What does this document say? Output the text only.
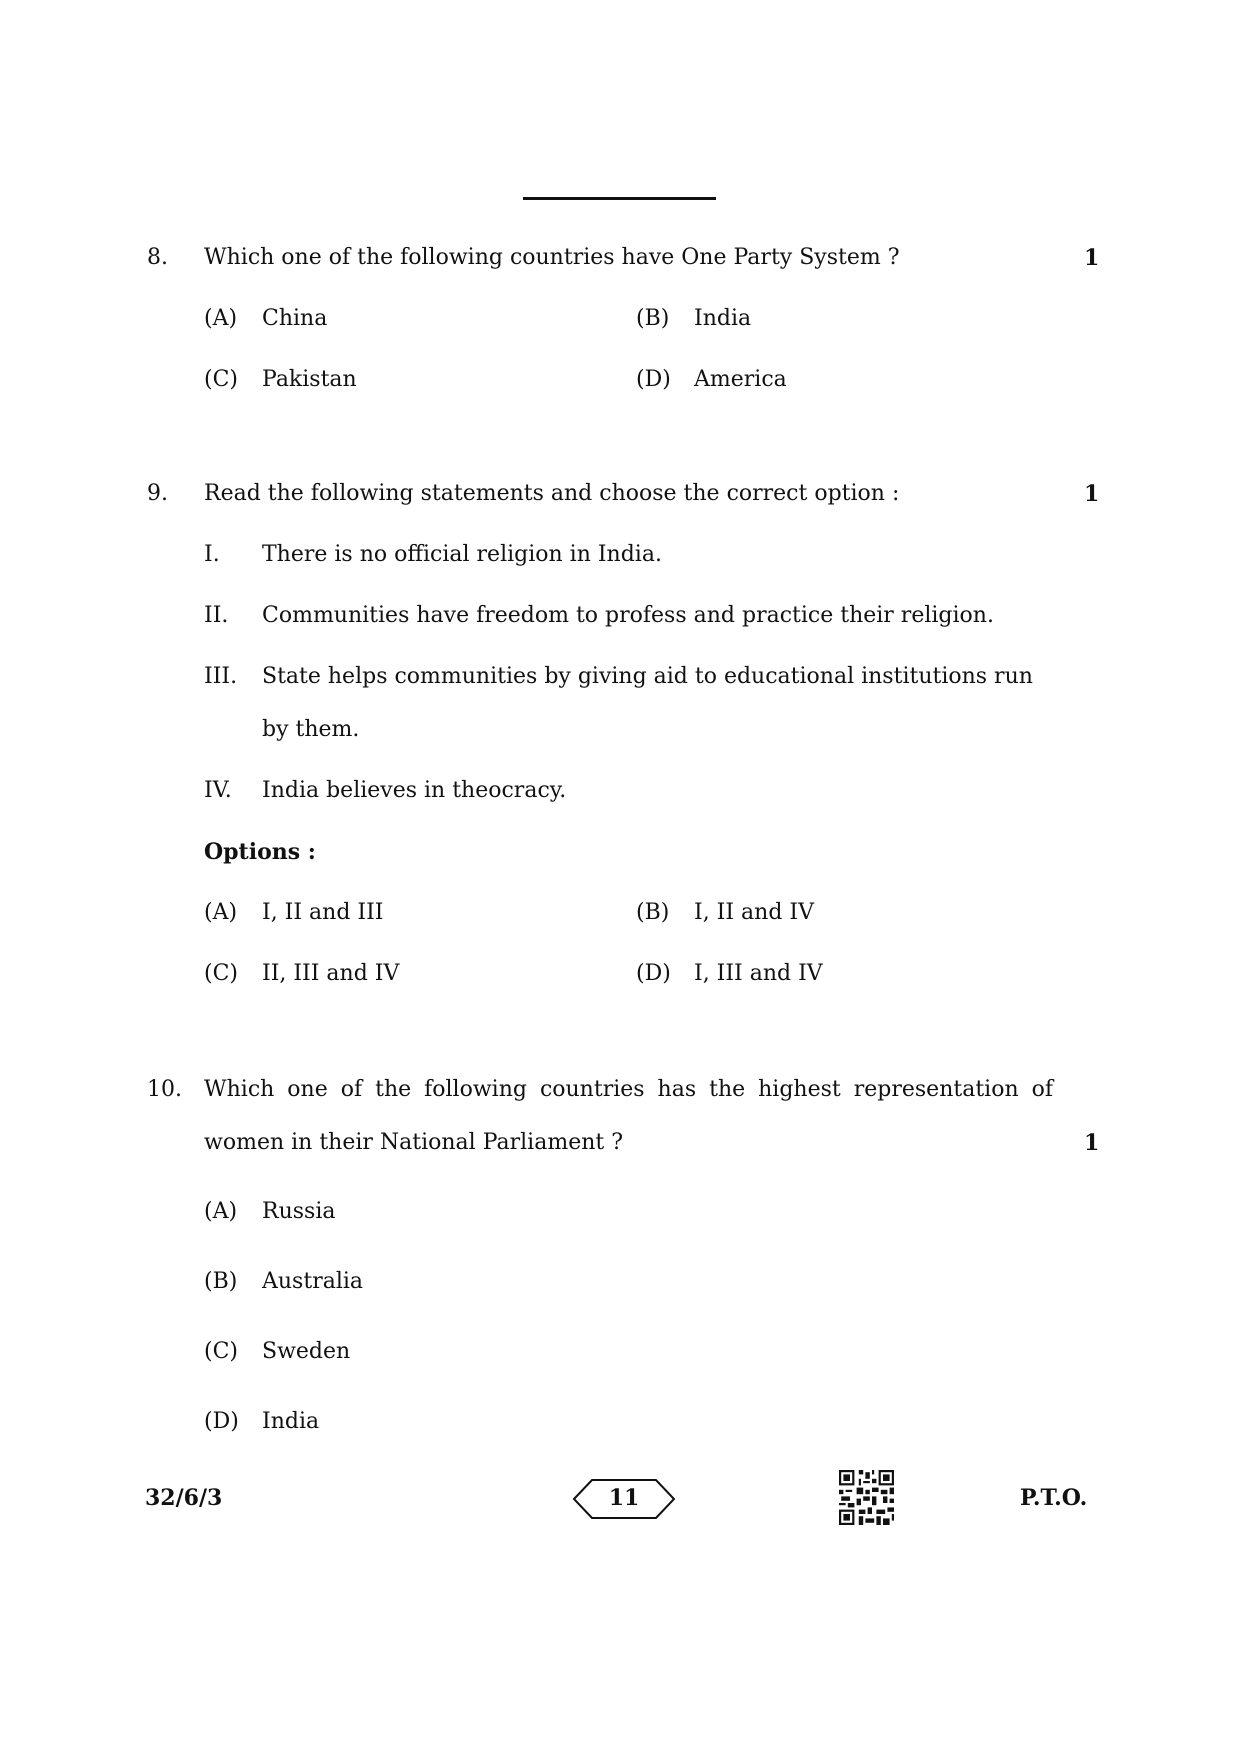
8. Which one of the following countries have One Party System ?	1
(A) China	(B) India
(C) Pakistan	(D) America
9. Read the following statements and choose the correct option :	1
I. There is no official religion in India.
II. Communities have freedom to profess and practice their religion.
III. State helps communities by giving aid to educational institutions run
by them.
IV. India believes in theocracy.
Options :
(A) I, II and III	(B) I, II and IV
(C) II, III and IV	(D) I, III and IV
10. Which one of the following countries has the highest representation of
women in their National Parliament ?	1
(A) Russia
(B) Australia
(C) Sweden
(D) India
32/6/3	11	P.T.O.
